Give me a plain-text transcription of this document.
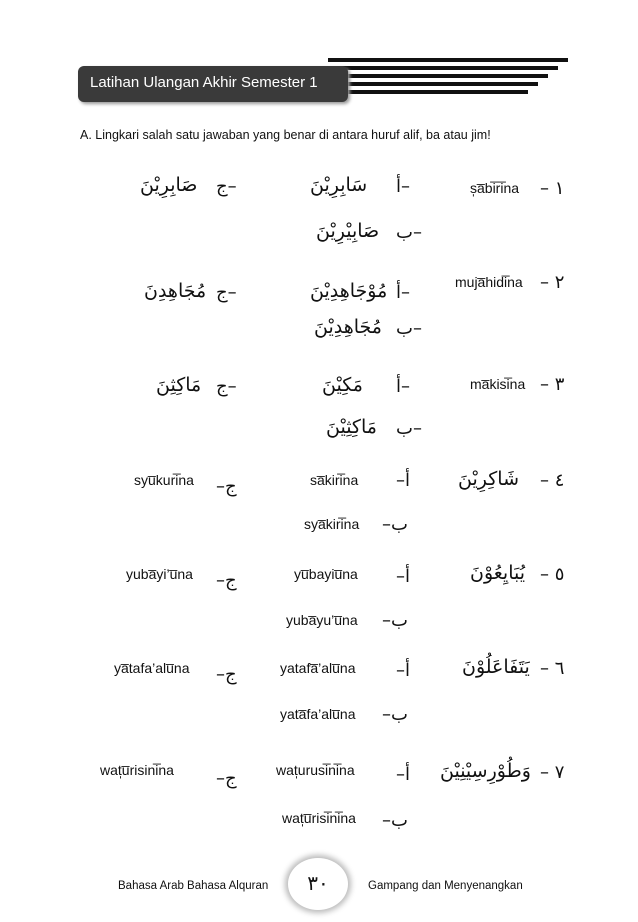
Latihan Ulangan Akhir Semester 1
A. Lingkari salah satu jawaban yang benar di antara huruf alif, ba atau jim!
١ –
s̩a̅bi̅ri̅na
–أ
سَابِرِيْنَ
–ج
صَابِرِيْنَ
–ب
صَابِيْرِيْنَ
٢ –
muja̅hidi̅na
–أ
مُوْجَاهِدِيْنَ
–ج
مُجَاهِدِنَ
–ب
مُجَاهِدِيْنَ
٣ –
ma̅kisi̅na
–أ
مَكِيْنَ
–ج
مَاكِثِنَ
–ب
مَاكِثِيْنَ
٤ –
شَاكِرِيْنَ
أ–
sa̅kiri̅na
ج–
syu̅kuri̅na
ب–
sya̅kiri̅na
٥ –
يُبَايِعُوْنَ
أ–
yu̅bayiu̅na
ج–
yuba̅yi’u̅na
ب–
yuba̅yu’u̅na
٦ –
يَتَفَاعَلُوْنَ
أ–
yatafa̅’alu̅na
ج–
ya̅tafa’alu̅na
ب–
yata̅fa’alu̅na
٧ –
وَطُوْرِسِيْنِيْنَ
أ–
wat̩urusi̅ni̅na
ج–
wat̩u̅risini̅na
ب–
wat̩u̅risi̅ni̅na
Bahasa Arab Bahasa Alquran	٣٠	Gampang dan Menyenangkan
